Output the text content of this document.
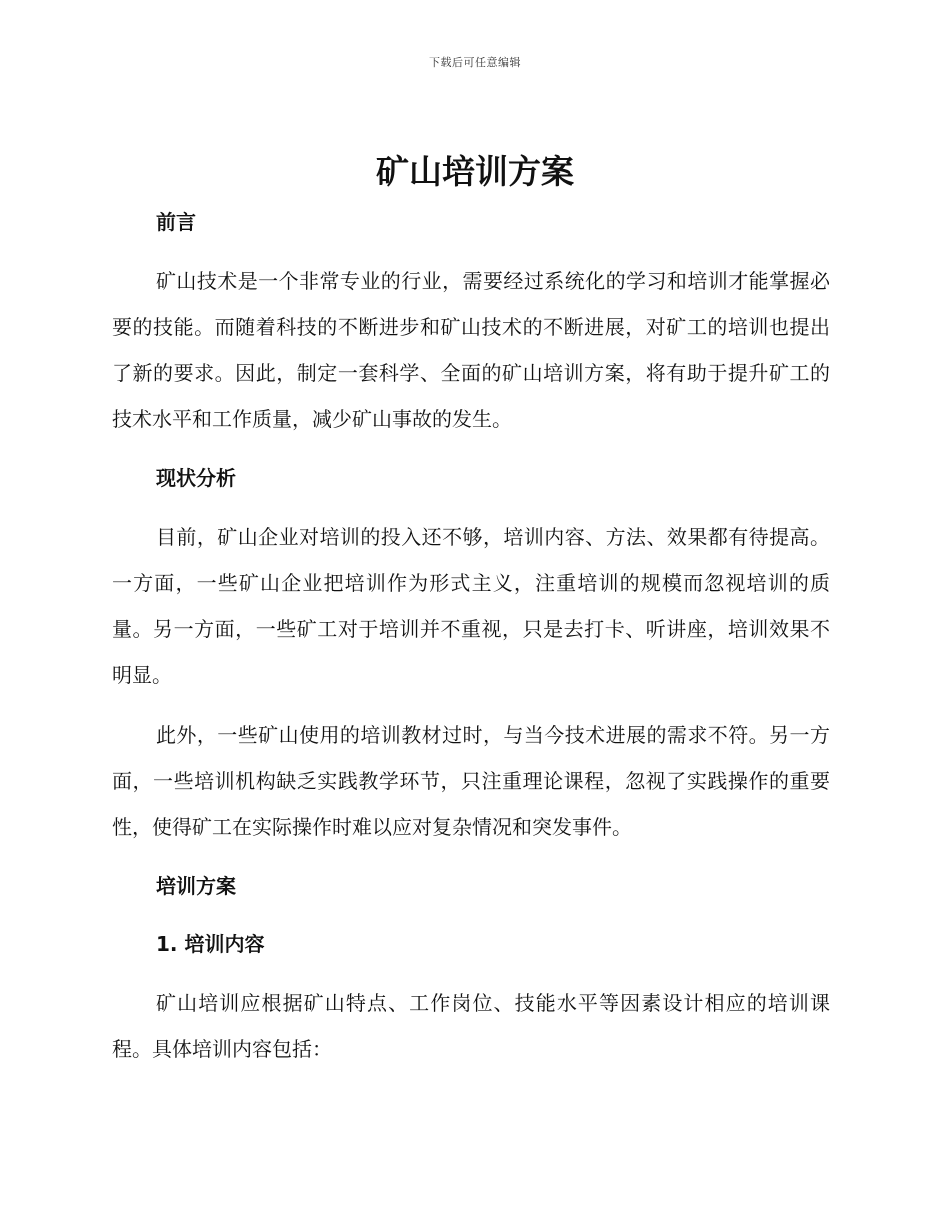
下载后可任意编辑
矿山培训方案

前言

矿山技术是一个非常专业的行业，需要经过系统化的学习和培训才能掌握必要的技能。而随着科技的不断进步和矿山技术的不断进展，对矿工的培训也提出了新的要求。因此，制定一套科学、全面的矿山培训方案，将有助于提升矿工的技术水平和工作质量，减少矿山事故的发生。

现状分析

目前，矿山企业对培训的投入还不够，培训内容、方法、效果都有待提高。一方面，一些矿山企业把培训作为形式主义，注重培训的规模而忽视培训的质量。另一方面，一些矿工对于培训并不重视，只是去打卡、听讲座，培训效果不明显。

此外，一些矿山使用的培训教材过时，与当今技术进展的需求不符。另一方面，一些培训机构缺乏实践教学环节，只注重理论课程，忽视了实践操作的重要性，使得矿工在实际操作时难以应对复杂情况和突发事件。

培训方案

1. 培训内容

矿山培训应根据矿山特点、工作岗位、技能水平等因素设计相应的培训课程。具体培训内容包括：
